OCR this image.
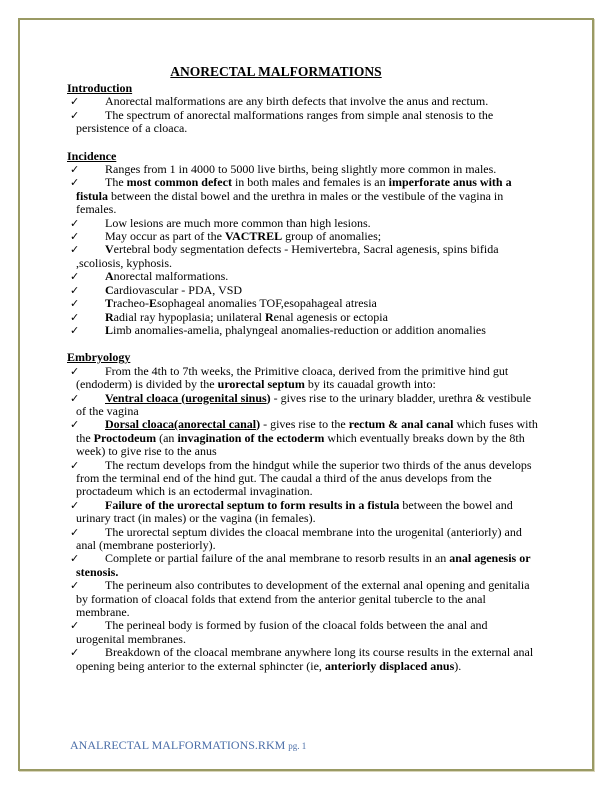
ANORECTAL MALFORMATIONS
Introduction
✓ Anorectal malformations are any birth defects that involve the anus and rectum.
✓ The spectrum of anorectal malformations ranges from simple anal stenosis to the persistence of a cloaca.
Incidence
✓ Ranges from 1 in 4000 to 5000 live births, being slightly more common in males.
✓ The most common defect in both males and females is an imperforate anus with a fistula between the distal bowel and the urethra in males or the vestibule of the vagina in females.
✓ Low lesions are much more common than high lesions.
✓ May occur as part of the VACTREL group of anomalies;
✓ Vertebral body segmentation defects - Hemivertebra, Sacral agenesis, spins bifida ,scoliosis, kyphosis.
✓ Anorectal malformations.
✓ Cardiovascular - PDA, VSD
✓ Tracheo-Esophageal anomalies TOF,esopahageal atresia
✓ Radial ray hypoplasia; unilateral Renal agenesis or ectopia
✓ Limb anomalies-amelia, phalyngeal anomalies-reduction or addition anomalies
Embryology
✓ From the 4th to 7th weeks, the Primitive cloaca, derived from the primitive hind gut (endoderm) is divided by the urorectal septum by its cauadal growth into:
✓ Ventral cloaca (urogenital sinus) - gives rise to the urinary bladder, urethra & vestibule of the vagina
✓ Dorsal cloaca(anorectal canal) - gives rise to the rectum & anal canal which fuses with the Proctodeum (an invagination of the ectoderm which eventually breaks down by the 8th week) to give rise to the anus
✓ The rectum develops from the hindgut while the superior two thirds of the anus develops from the terminal end of the hind gut. The caudal a third of the anus develops from the proctadeum which is an ectodermal invagination.
✓ Failure of the urorectal septum to form results in a fistula between the bowel and urinary tract (in males) or the vagina (in females).
✓ The urorectal septum divides the cloacal membrane into the urogenital (anteriorly) and anal (membrane posteriorly).
✓ Complete or partial failure of the anal membrane to resorb results in an anal agenesis or stenosis.
✓ The perineum also contributes to development of the external anal opening and genitalia by formation of cloacal folds that extend from the anterior genital tubercle to the anal membrane.
✓ The perineal body is formed by fusion of the cloacal folds between the anal and urogenital membranes.
✓ Breakdown of the cloacal membrane anywhere long its course results in the external anal opening being anterior to the external sphincter (ie, anteriorly displaced anus).
ANALRECTAL MALFORMATIONS.RKM pg. 1
